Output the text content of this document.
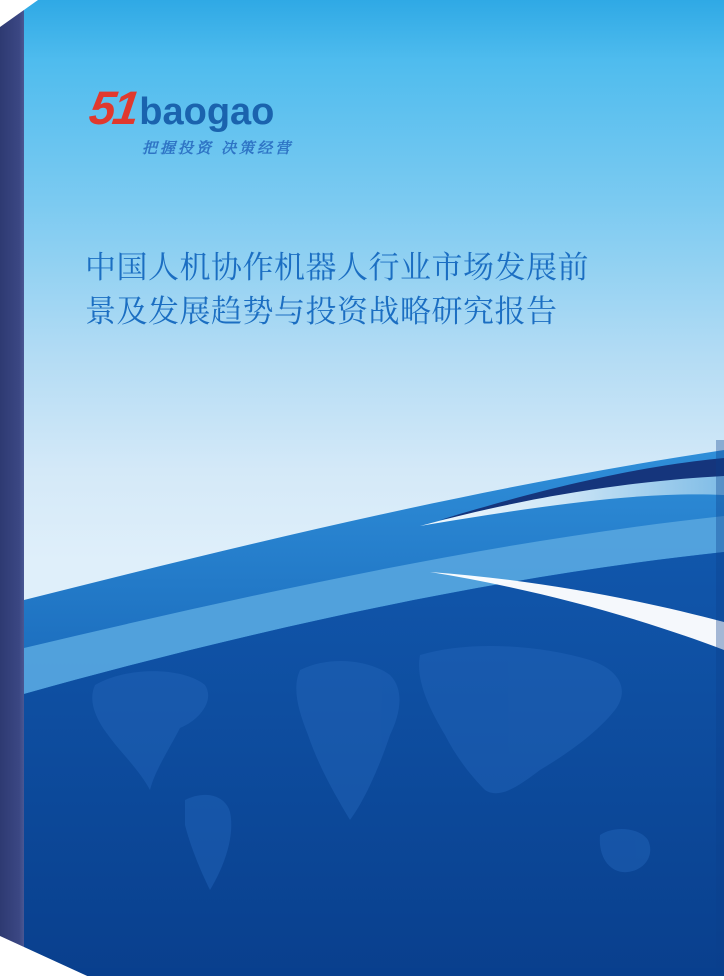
51 baogao
把握投资 决策经营
中国人机协作机器人行业市场发展前
景及发展趋势与投资战略研究报告
